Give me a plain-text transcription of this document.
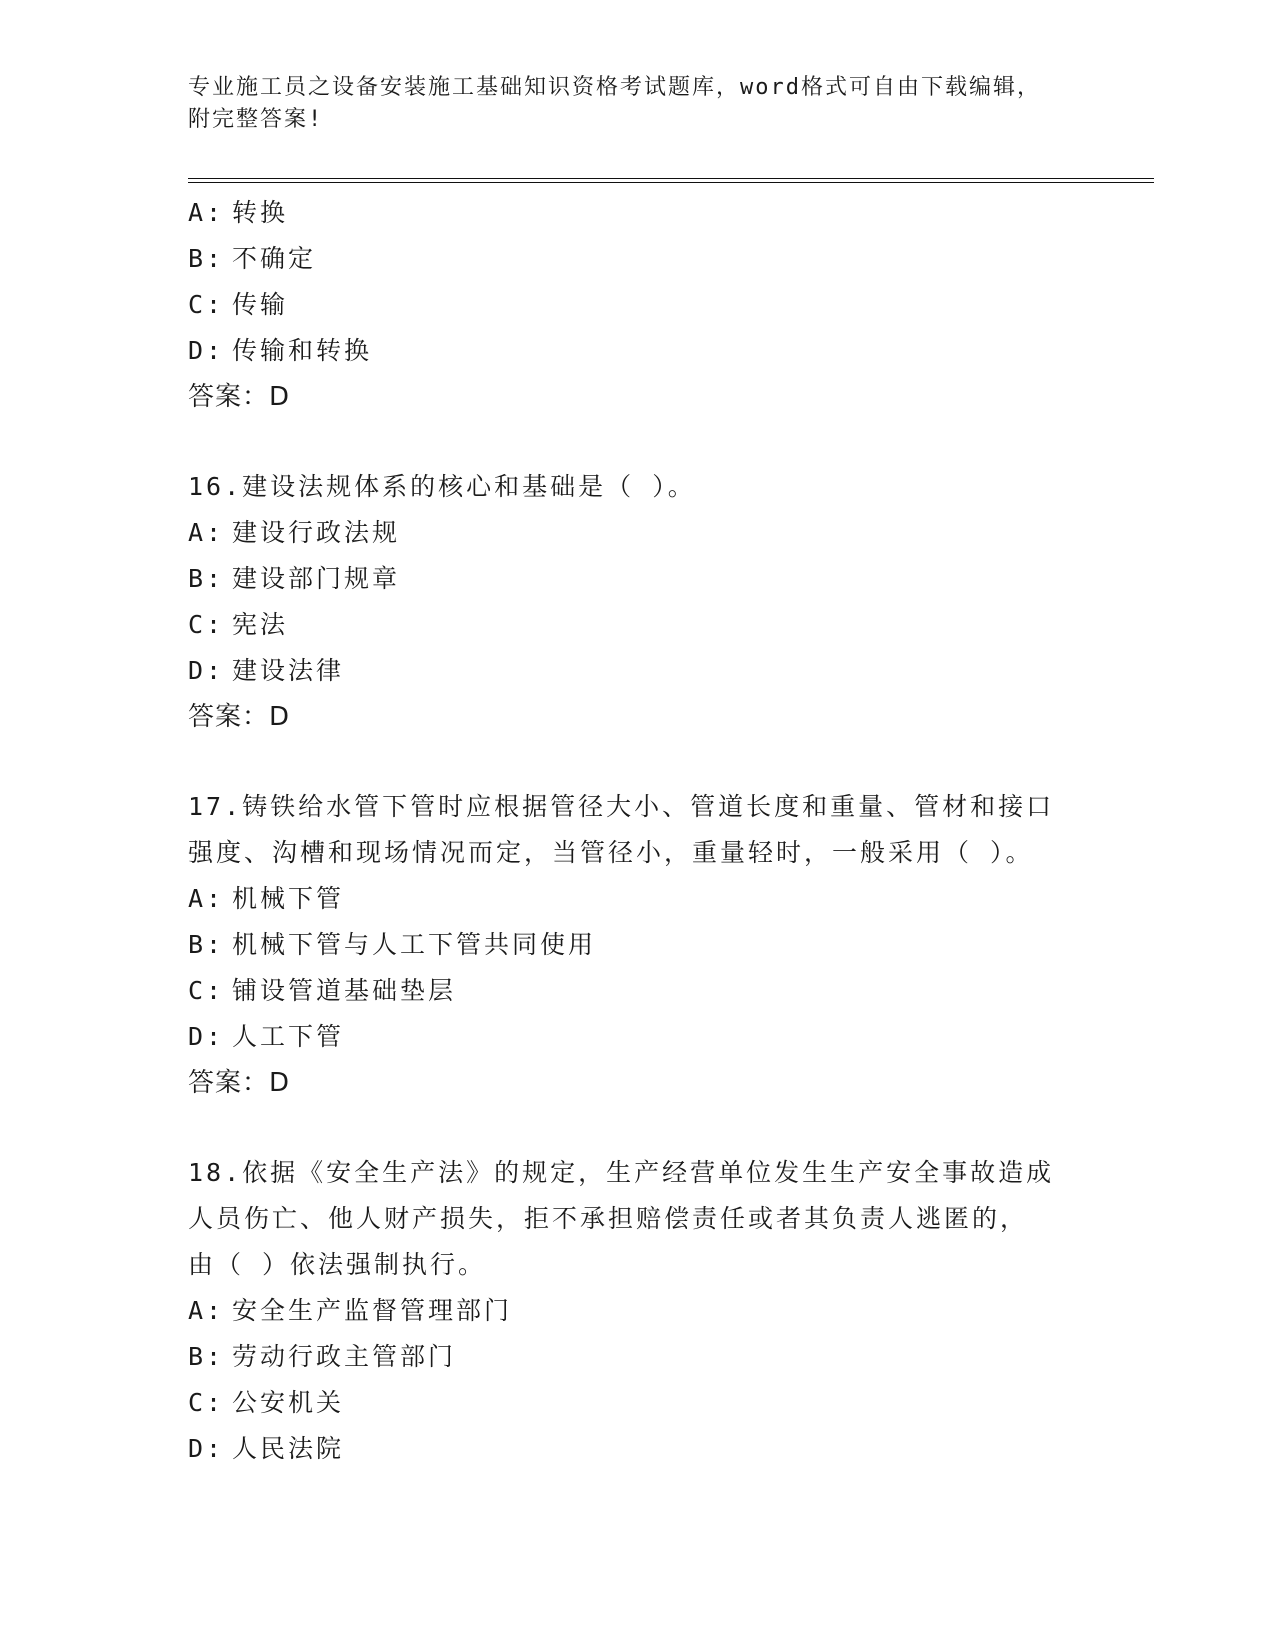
专业施工员之设备安装施工基础知识资格考试题库，word格式可自由下载编辑，
附完整答案!
A: 转换
B: 不确定
C: 传输
D: 传输和转换
答案：D
16.建设法规体系的核心和基础是（ ）。
A: 建设行政法规
B: 建设部门规章
C: 宪法
D: 建设法律
答案：D
17.铸铁给水管下管时应根据管径大小、管道长度和重量、管材和接口
强度、沟槽和现场情况而定，当管径小，重量轻时，一般采用（ ）。
A: 机械下管
B: 机械下管与人工下管共同使用
C: 铺设管道基础垫层
D: 人工下管
答案：D
18.依据《安全生产法》的规定，生产经营单位发生生产安全事故造成
人员伤亡、他人财产损失，拒不承担赔偿责任或者其负责人逃匿的，
由（ ）依法强制执行。
A: 安全生产监督管理部门
B: 劳动行政主管部门
C: 公安机关
D: 人民法院
